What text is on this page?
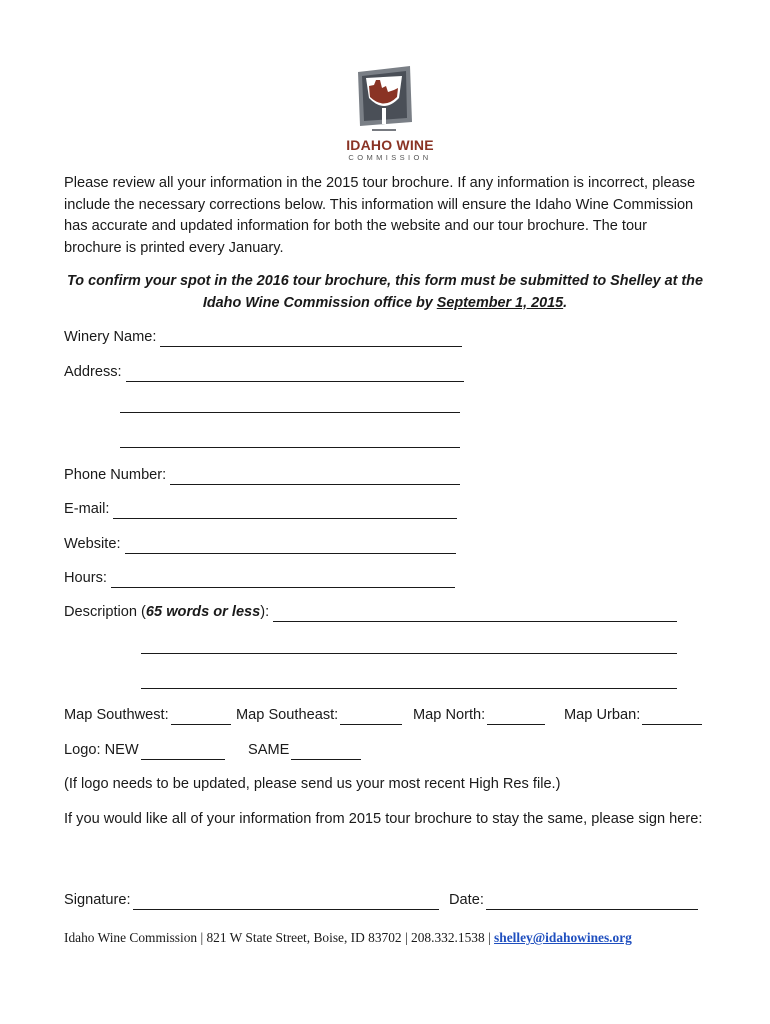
IDAHO WINE
COMMISSION

Please review all your information in the 2015 tour brochure. If any information is incorrect, please include the necessary corrections below. This information will ensure the Idaho Wine Commission has accurate and updated information for both the website and our tour brochure. The tour brochure is printed every January.

To confirm your spot in the 2016 tour brochure, this form must be submitted to Shelley at the Idaho Wine Commission office by September 1, 2015.

Winery Name:
Address:
Phone Number:
E-mail:
Website:
Hours:
Description (65 words or less):
Map Southwest:	Map Southeast:	Map North:	Map Urban:
Logo: NEW	SAME

(If logo needs to be updated, please send us your most recent High Res file.)

If you would like all of your information from 2015 tour brochure to stay the same, please sign here:

Signature:	Date:
Idaho Wine Commission | 821 W State Street, Boise, ID 83702 | 208.332.1538 | shelley@idahowines.org
